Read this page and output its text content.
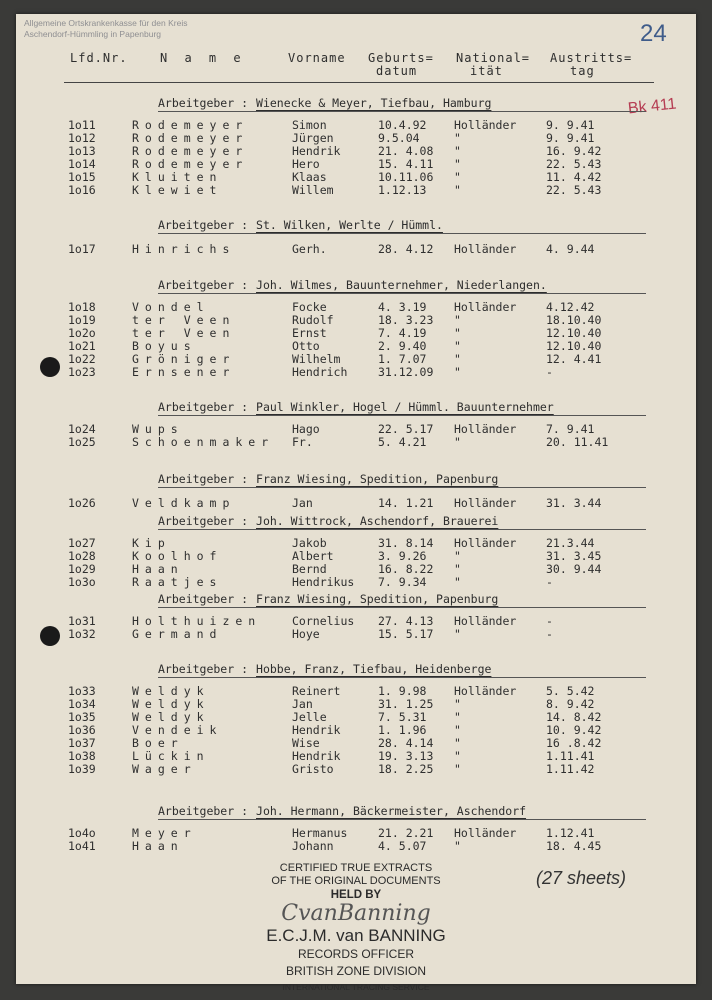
Allgemeine Ortskrankenkasse für den Kreis
Aschendorf-Hümmling in Papenburg	24
Bk 411
Lfd.Nr.	N a m e	Vorname Geburts=
datum
National=
ität
Austritts=
tag
Arbeitgeber : Wienecke & Meyer, Tiefbau, Hamburg
1o11	Rodemeyer	Simon	10.4.92 Holländer	9. 9.41
1o12	Rodemeyer	Jürgen	9.5.04	"	9. 9.41
1o13	Rodemeyer	Hendrik	21. 4.08 "	16. 9.42
1o14	Rodemeyer	Hero	15. 4.11 "	22. 5.43
1o15	Kluiten	Klaas	10.11.06 "	11. 4.42
1o16	Klewiet	Willem	1.12.13 "	22. 5.43
Arbeitgeber : St. Wilken, Werlte / Hümml.
1o17	Hinrichs	Gerh.	28. 4.12 Holländer	4. 9.44
Arbeitgeber : Joh. Wilmes, Bauunternehmer, Niederlangen.
1o18	Vondel	Focke	4. 3.19 Holländer	4.12.42
1o19	ter Veen	Rudolf	18. 3.23 "	18.10.40
1o2o	ter Veen	Ernst	7. 4.19 "	12.10.40
1o21	Boyus	Otto	2. 9.40 "	12.10.40
1o22	Gröniger	Wilhelm	1. 7.07 "	12. 4.41
1o23	Ernsener	Hendrich	31.12.09 "	-
Arbeitgeber : Paul Winkler, Hogel / Hümml. Bauunternehmer
1o24	Wups	Hago	22. 5.17 Holländer	7. 9.41
1o25	Schoenmaker Fr.	5. 4.21 "	20. 11.41
Arbeitgeber : Franz Wiesing, Spedition, Papenburg
1o26	Veldkamp	Jan	14. 1.21 Holländer	31. 3.44
Arbeitgeber : Joh. Wittrock, Aschendorf, Brauerei
1o27	Kip	Jakob	31. 8.14 Holländer	21.3.44
1o28	Koolhof	Albert	3. 9.26 "	31. 3.45
1o29	Haan	Bernd	16. 8.22 "	30. 9.44
1o3o	Raatjes	Hendrikus 7. 9.34 "	-
Arbeitgeber : Franz Wiesing, Spedition, Papenburg
1o31	Holthuizen	Cornelius 27. 4.13 Holländer	-
1o32	Germand	Hoye	15. 5.17 "	-
Arbeitgeber : Hobbe, Franz, Tiefbau, Heidenberge
1o33	Weldyk	Reinert	1. 9.98 Holländer	5. 5.42
1o34	Weldyk	Jan	31. 1.25 "	8. 9.42
1o35	Weldyk	Jelle	7. 5.31 "	14. 8.42
1o36	Vendeik	Hendrik	1. 1.96 "	10. 9.42
1o37	Boer	Wise	28. 4.14 "	16 .8.42
1o38	Lückin	Hendrik	19. 3.13 "	1.11.41
1o39	Wager	Gristo	18. 2.25 "	1.11.42
Arbeitgeber : Joh. Hermann, Bäckermeister, Aschendorf
1o4o	Meyer	Hermanus	21. 2.21 Holländer	1.12.41
1o41	Haan	Johann	4. 5.07 "	18. 4.45
CERTIFIED TRUE EXTRACTS
OF THE ORIGINAL DOCUMENTS
HELD BY
CvanBanning
E.C.J.M. van BANNING
RECORDS OFFICER
BRITISH ZONE DIVISION
INTERNATIONAL TRACING SERVICE
(27 sheets)
